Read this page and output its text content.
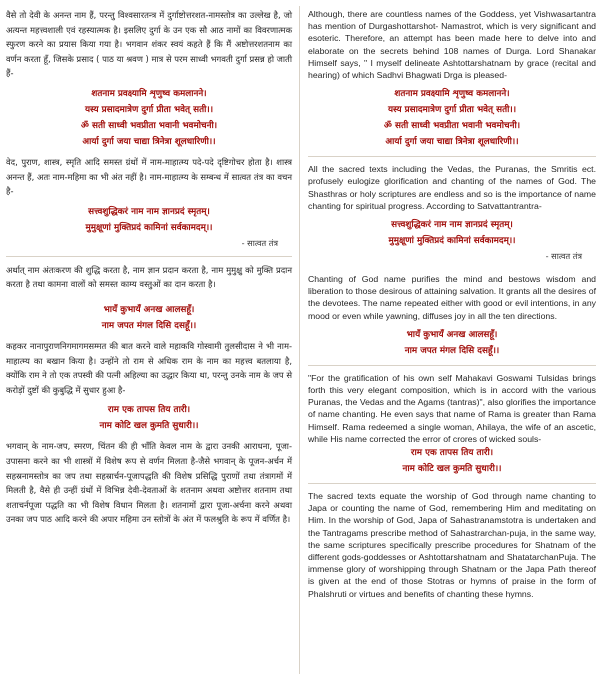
वैसे तो देवी के अनन्त नाम हैं, परन्तु विश्वसारतन्त्र में दुर्गाष्टोत्तरशत-नामस्तोत्र का उल्लेख है, जो अत्यन्त महत्त्वशाली एवं रहस्यात्मक है। इसलिए दुर्गा के उन एक सौ आठ नामों का विवरणात्मक स्फुरण करने का प्रयास किया गया है। भगवान शंकर स्वयं कहते हैं कि मैं अष्टोत्तरशतनाम का वर्णन करता हूँ, जिसके प्रसाद ( पाठ या श्रवण ) मात्र से परम साध्वी भगवती दुर्गा प्रसन्न हो जाती हैं-

शतनाम प्रवक्ष्यामि शृणुष्व कमलानने।

यस्य प्रसादमात्रेण दुर्गा प्रीता भवेत् सती।।

ॐ सती साध्वी भवप्रीता भवानी भवमोचनी।

आर्या दुर्गा जया चाद्या त्रिनेत्रा शूलधारिणी।।

वेद, पुराण, शास्त्र, स्मृति आदि समस्त ग्रंथों में नाम-माहात्म्य पदे-पदे दृष्टिगोचर होता है। शास्त्र अनन्त हैं, अतः नाम-महिमा का भी अंत नहीं है। नाम-माहात्म्य के सम्बन्ध में सात्वत तंत्र का वचन है-

सत्त्वशुद्धिकरं नाम नाम ज्ञानप्रदं स्मृतम्।

मुमुक्षूणां मुक्तिप्रदं कामिनां सर्वकामदम्।।

- सात्वत तंत्र

अर्थात् नाम अंतःकरण की शुद्धि करता है, नाम ज्ञान प्रदान करता है, नाम मुमुक्षु को मुक्ति प्रदान करता है तथा कामना वालों को समस्त काम्य वस्तुओं का दान करता है।

भायँ कुभायँ अनख आलसहूँ।

नाम जपत मंगल दिसि दसहूँ।।

कहकर नानापुराणनिगमागमसम्मत की बात करने वाले महाकवि गोस्वामी तुलसीदास ने भी नाम-माहात्म्य का बखान किया है। उन्होंने तो राम से अधिक राम के नाम का महत्त्व बतलाया है, क्योंकि राम ने तो एक तपस्वी की पत्नी अहिल्या का उद्धार किया था, परन्तु उनके नाम के जप से करोड़ों दुष्टों की कुबुद्धि में सुधार हुआ है-

राम एक तापस तिय तारी।

नाम कोटि खल कुमति सुधारी।।

भगवान् के नाम-जप, स्मरण, चिंतन की ही भाँति केवल नाम के द्वारा उनकी आराधना, पूजा-उपासना करने का भी शास्त्रों में विशेष रूप से वर्णन मिलता है-जैसे भगवान् के पूजन-अर्चन में सहस्रनामस्तोत्र का जप तथा सहस्रार्चन-पूजापद्धति की विशेष प्रसिद्धि पुराणों तथा तंत्रागमों में मिलती है, वैसे ही उन्हीं ग्रंथों में विभिन्न देवी-देवताओं के शतनाम अथवा अष्टोत्तर शतनाम तथा शताचर्नपूजा पद्धति का भी विशेष विधान मिलता है। शतनामों द्वारा पूजा-अर्चना करने अथवा उनका जप पाठ आदि करने की अपार महिमा उन स्तोत्रों के अंत में फलश्रुति के रूप में वर्णित है।

Although, there are countless names of the Goddess, yet Vishwasartantra has mention of Durgashottarshot- Namastrot, which is very significant and esoteric. Therefore, an attempt has been made here to delve into and elaborate on the secrets behind 108 names of Durga. Lord Shanakar Himself says, " I myself delineate Ashtottarshatnam by grace (recital and hearing) of which Sadhvi Bhagwati Drga is pleased-

शतनाम प्रवक्ष्यामि शृणुष्व कमलानने।

यस्य प्रसादमात्रेण दुर्गा प्रीता भवेत् सती।।

ॐ सती साध्वी भवप्रीता भवानी भवमोचनी।

आर्या दुर्गा जया चाद्या त्रिनेत्रा शूलधारिणी।।

All the sacred texts including the Vedas, the Puranas, the Smritis ect. profusely eulogize glorification and chanting of the names of God. The Shasthras or holy scriptures are endless and so is the importance of name chanting for spiritual progress. According to Satvattantrantra-

सत्त्वशुद्धिकरं नाम नाम ज्ञानप्रदं स्मृतम्।

मुमुक्षूणां मुक्तिप्रदं कामिनां सर्वकामदम्।।

- सात्वत तंत्र

Chanting of God name purifies the mind and bestows wisdom and liberation to those desirous of attaining salvation. It grants all the desires of the devotees. The name repeated either with good or evil intentions, in any mood or even while yawning, diffuses joy in all the ten directions.

भायँ कुभायँ अनख आलसहूँ।

नाम जपत मंगल दिसि दसहूँ।।

"For the gratification of his own self Mahakavi Goswami Tulsidas brings forth this very elegant composition, which is in accord with the various Puranas, the Vedas and the Agams (tantras)", also glorifies the importance of name chanting. He even says that name of Rama is greater than Rama Himself. Rama redeemed a single woman, Ahilaya, the wife of an ascetic, while His name corrected the error of crores of wicked souls-

राम एक तापस तिय तारी।

नाम कोटि खल कुमति सुधारी।।

The sacred texts equate the worship of God through name chanting to Japa or counting the name of God, remembering Him and meditating on Him. In the worship of God, Japa of Sahastranamstotra is undertaken and the Tantragams prescribe method of Sahastrarchan-puja, in the same way, the same scriptures specifically prescribe procedures for Shatnam of the different gods-goddesses or Ashtottarshatnam and ShatatarchanPuja. The immense glory of worshipping through Shatnam or the Japa Path thereof is given at the end of those Stotras or hymns of praise in the form of Phalshruti or virtues and benefits of chanting these hymns.
